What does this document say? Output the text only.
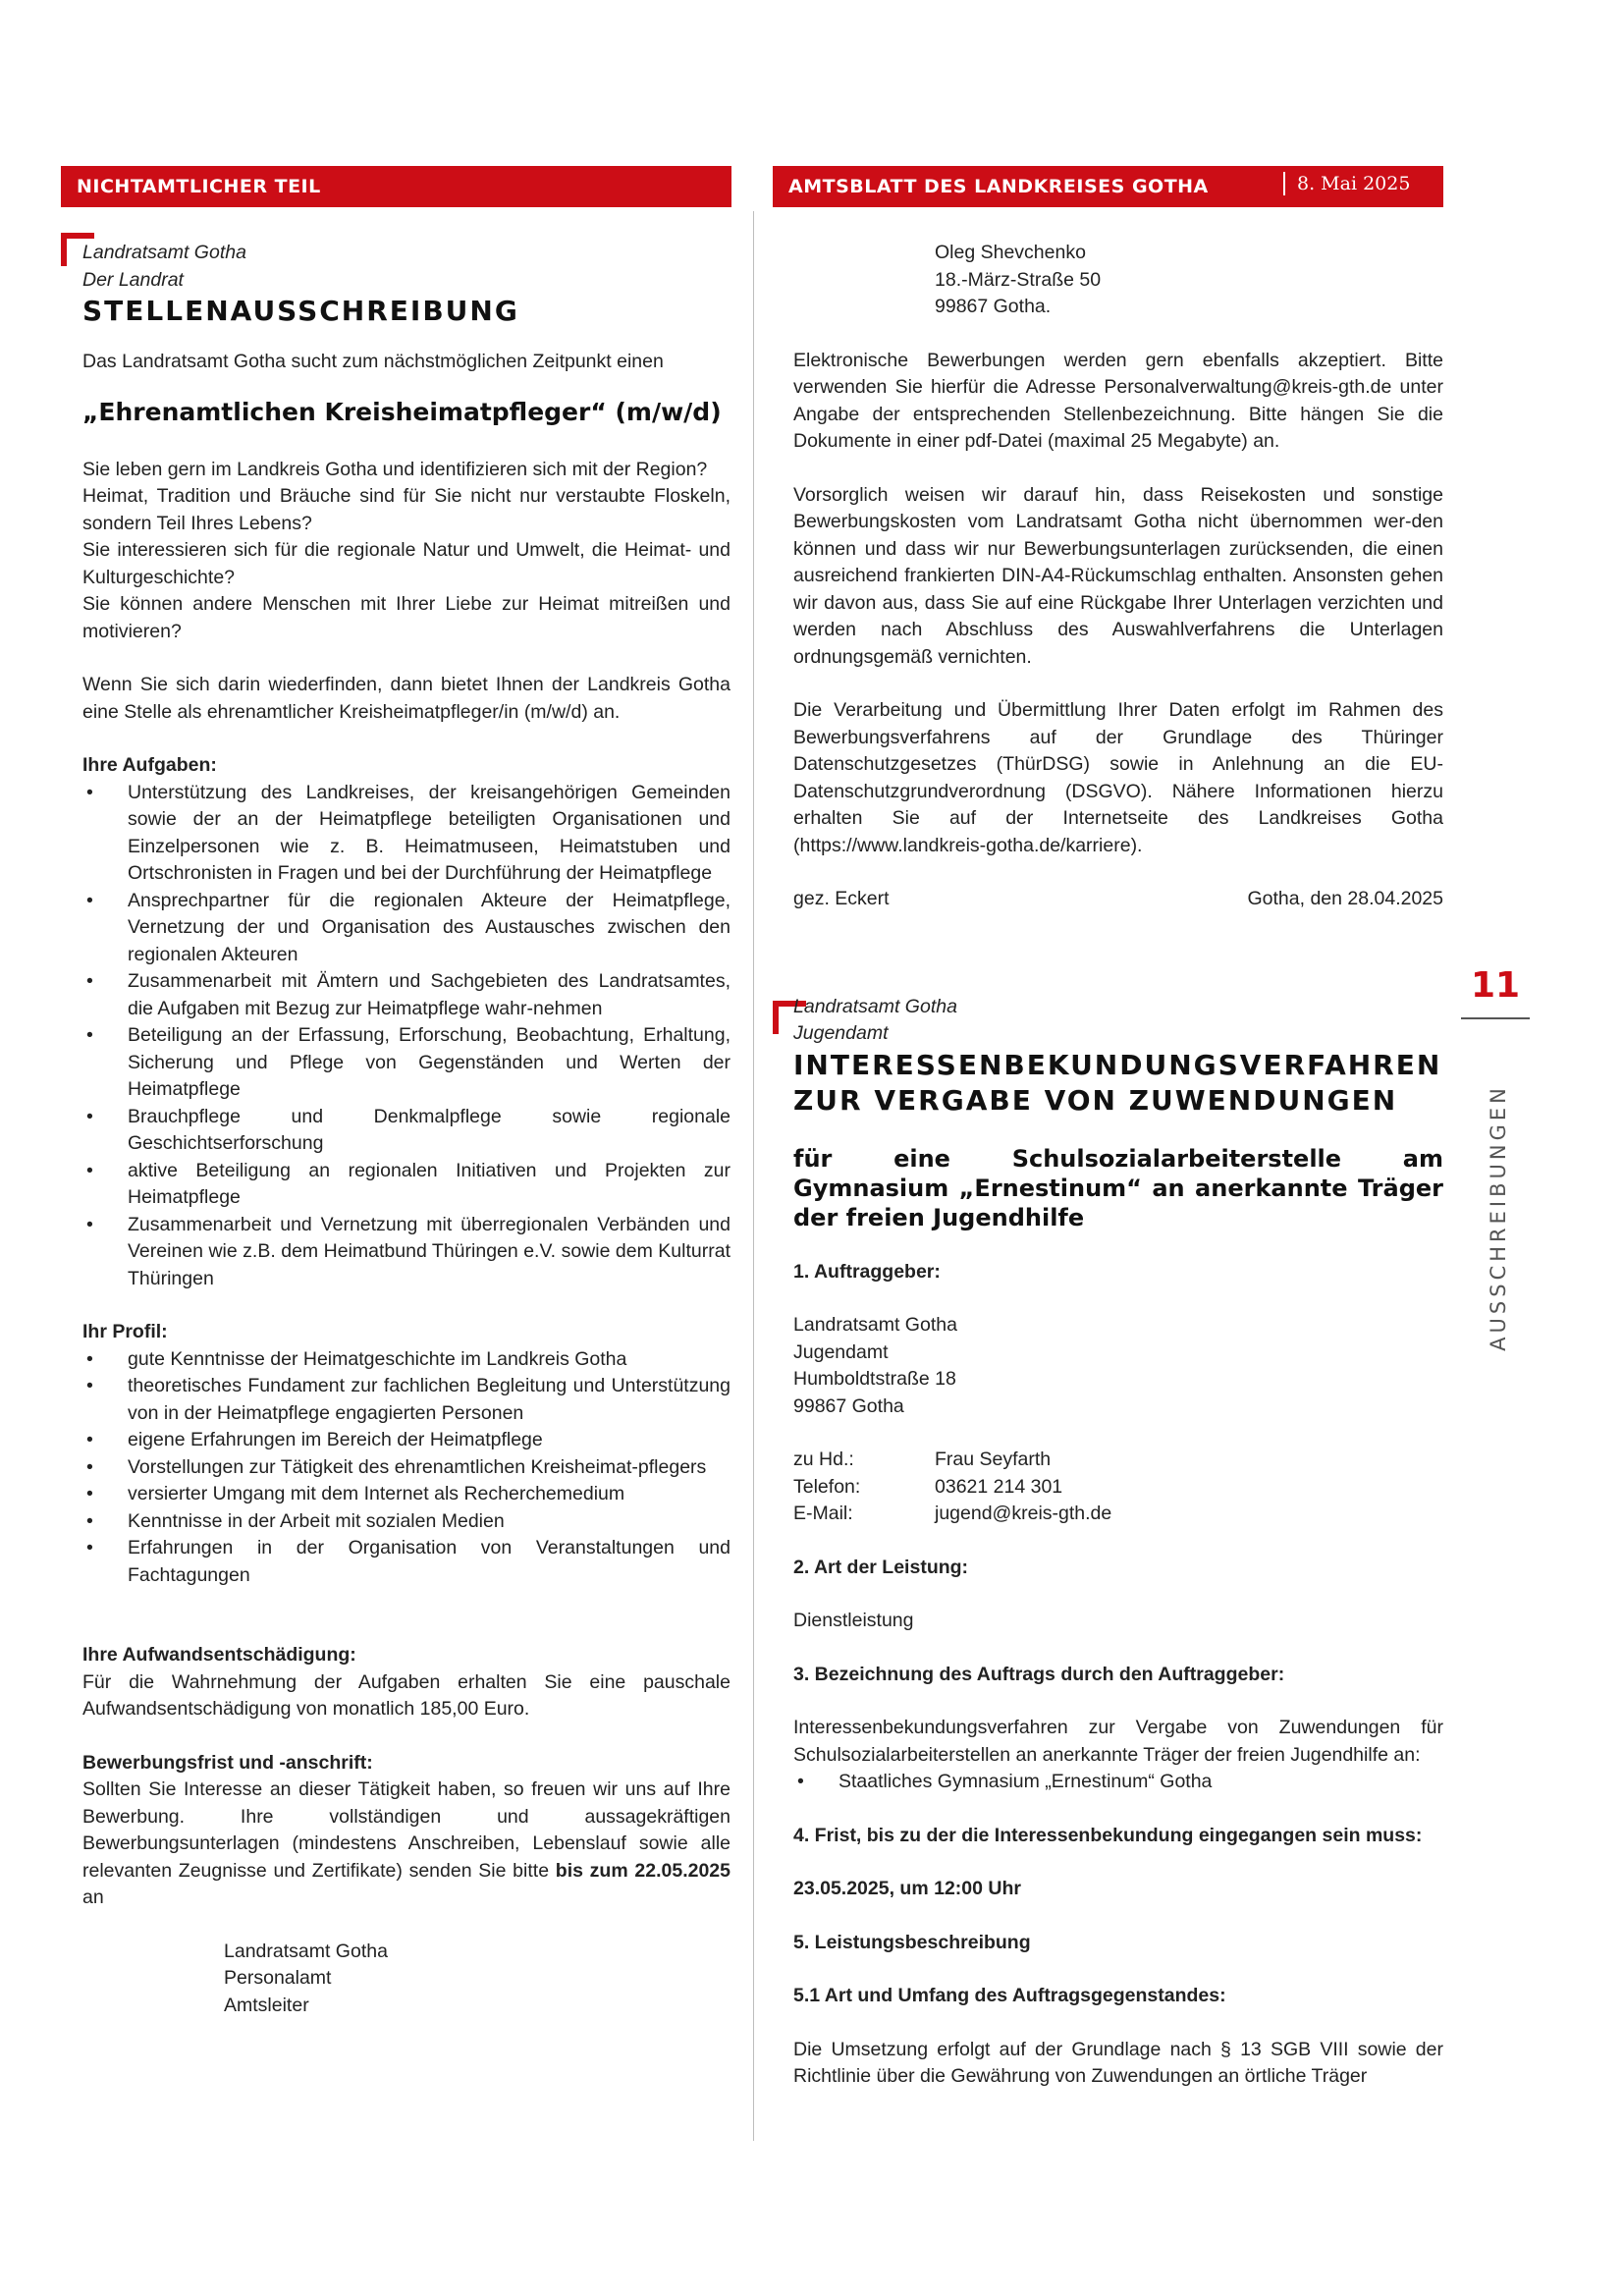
NICHTAMTLICHER TEIL	AMTSBLATT DES LANDKREISES GOTHA	8. Mai 2025
11
AUSSCHREIBUNGEN
Landratsamt Gotha
Der Landrat
STELLENAUSSCHREIBUNG

Das Landratsamt Gotha sucht zum nächstmöglichen Zeitpunkt einen

„Ehrenamtlichen Kreisheimatpfleger“ (m/w/d)

Sie leben gern im Landkreis Gotha und identifizieren sich mit der Region?

Heimat, Tradition und Bräuche sind für Sie nicht nur verstaubte Floskeln, sondern Teil Ihres Lebens?

Sie interessieren sich für die regionale Natur und Umwelt, die Heimat- und Kulturgeschichte?

Sie können andere Menschen mit Ihrer Liebe zur Heimat mitreißen und motivieren?

Wenn Sie sich darin wiederfinden, dann bietet Ihnen der Landkreis Gotha eine Stelle als ehrenamtlicher Kreisheimatpfleger/in (m/w/d) an.

Ihre Aufgaben:

• Unterstützung des Landkreises, der kreisangehörigen Gemeinden sowie der an der Heimatpflege beteiligten Organisationen und Einzelpersonen wie z. B. Heimatmuseen, Heimatstuben und Ortschronisten in Fragen und bei der Durchführung der Heimatpflege
• Ansprechpartner für die regionalen Akteure der Heimatpflege, Vernetzung der und Organisation des Austausches zwischen den regionalen Akteuren
• Zusammenarbeit mit Ämtern und Sachgebieten des Landratsamtes, die Aufgaben mit Bezug zur Heimatpflege wahr-nehmen
• Beteiligung an der Erfassung, Erforschung, Beobachtung, Erhaltung, Sicherung und Pflege von Gegenständen und Werten der Heimatpflege
• Brauchpflege und Denkmalpflege sowie regionale Geschichtserforschung
• aktive Beteiligung an regionalen Initiativen und Projekten zur Heimatpflege
• Zusammenarbeit und Vernetzung mit überregionalen Verbänden und Vereinen wie z.B. dem Heimatbund Thüringen e.V. sowie dem Kulturrat Thüringen

Ihr Profil:

• gute Kenntnisse der Heimatgeschichte im Landkreis Gotha
• theoretisches Fundament zur fachlichen Begleitung und Unterstützung von in der Heimatpflege engagierten Personen
• eigene Erfahrungen im Bereich der Heimatpflege
• Vorstellungen zur Tätigkeit des ehrenamtlichen Kreisheimat-pflegers
• versierter Umgang mit dem Internet als Recherchemedium
• Kenntnisse in der Arbeit mit sozialen Medien
• Erfahrungen in der Organisation von Veranstaltungen und Fachtagungen

Ihre Aufwandsentschädigung:

Für die Wahrnehmung der Aufgaben erhalten Sie eine pauschale Aufwandsentschädigung von monatlich 185,00 Euro.

Bewerbungsfrist und -anschrift:

Sollten Sie Interesse an dieser Tätigkeit haben, so freuen wir uns auf Ihre Bewerbung. Ihre vollständigen und aussagekräftigen Bewerbungsunterlagen (mindestens Anschreiben, Lebenslauf sowie alle relevanten Zeugnisse und Zertifikate) senden Sie bitte bis zum 22.05.2025 an

Landratsamt Gotha
Personalamt
Amtsleiter
Oleg Shevchenko
18.-März-Straße 50
99867 Gotha.

Elektronische Bewerbungen werden gern ebenfalls akzeptiert. Bitte verwenden Sie hierfür die Adresse Personalverwaltung@kreis-gth.de unter Angabe der entsprechenden Stellenbezeichnung. Bitte hängen Sie die Dokumente in einer pdf-Datei (maximal 25 Megabyte) an.

Vorsorglich weisen wir darauf hin, dass Reisekosten und sonstige Bewerbungskosten vom Landratsamt Gotha nicht übernommen wer-den können und dass wir nur Bewerbungsunterlagen zurücksenden, die einen ausreichend frankierten DIN-A4-Rückumschlag enthalten. Ansonsten gehen wir davon aus, dass Sie auf eine Rückgabe Ihrer Unterlagen verzichten und werden nach Abschluss des Auswahlverfahrens die Unterlagen ordnungsgemäß vernichten.

Die Verarbeitung und Übermittlung Ihrer Daten erfolgt im Rahmen des Bewerbungsverfahrens auf der Grundlage des Thüringer Datenschutzgesetzes (ThürDSG) sowie in Anlehnung an die EU-Datenschutzgrundverordnung (DSGVO). Nähere Informationen hierzu erhalten Sie auf der Internetseite des Landkreises Gotha (https://www.landkreis-gotha.de/karriere).

gez. Eckert	Gotha, den 28.04.2025
Landratsamt Gotha
Jugendamt
INTERESSENBEKUNDUNGSVERFAHREN ZUR VERGABE VON ZUWENDUNGEN
für eine Schulsozialarbeiterstelle am Gymnasium „Ernestinum“ an anerkannte Träger der freien Jugendhilfe

1. Auftraggeber:

Landratsamt Gotha
Jugendamt
Humboldtstraße 18
99867 Gotha
zu Hd.:	Frau Seyfarth
Telefon:	03621 214 301
E-Mail:	jugend@kreis-gth.de

2. Art der Leistung:

Dienstleistung

3. Bezeichnung des Auftrags durch den Auftraggeber:

Interessenbekundungsverfahren zur Vergabe von Zuwendungen für Schulsozialarbeiterstellen an anerkannte Träger der freien Jugendhilfe an:

• Staatliches Gymnasium „Ernestinum“ Gotha

4. Frist, bis zu der die Interessenbekundung eingegangen sein muss:

23.05.2025, um 12:00 Uhr

5. Leistungsbeschreibung

5.1 Art und Umfang des Auftragsgegenstandes:

Die Umsetzung erfolgt auf der Grundlage nach § 13 SGB VIII sowie der Richtlinie über die Gewährung von Zuwendungen an örtliche Träger
